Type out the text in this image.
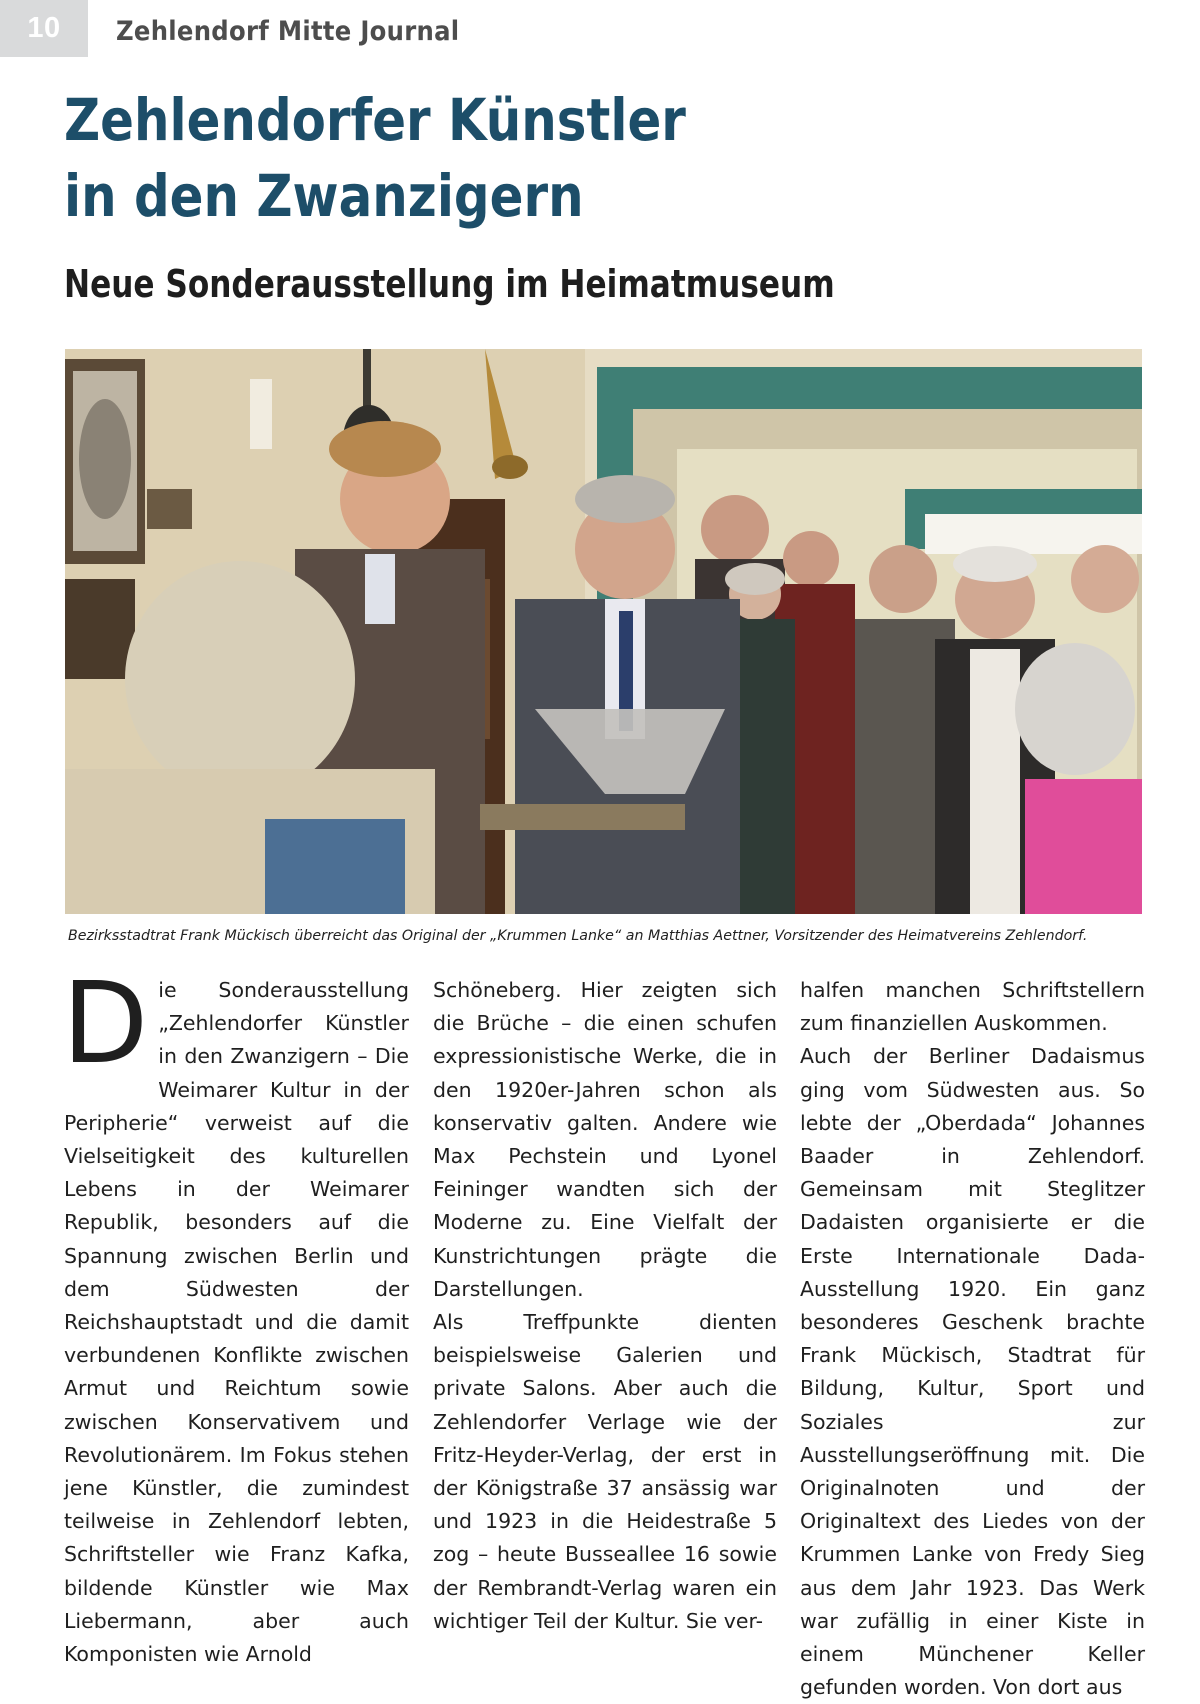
10	Zehlendorf Mitte Journal
Zehlendorfer Künstler
in den Zwanzigern
Neue Sonderausstellung im Heimatmuseum
Bezirksstadtrat Frank Mückisch überreicht das Original der „Krummen Lanke“ an Matthias Aettner, Vorsitzender des Heimatvereins Zehlendorf.
D ie Sonderausstellung „Zehlendorfer Künstler in den Zwanzigern – Die Weimarer Kultur in der Peripherie“ verweist auf die Vielseitigkeit des kulturellen Lebens in der Weimarer Republik, besonders auf die Spannung zwischen Berlin und dem Südwesten der Reichshauptstadt und die damit verbundenen Konflikte zwischen Armut und Reichtum sowie zwischen Konservativem und Revolutionärem. Im Fokus stehen jene Künstler, die zumindest teilweise in Zehlendorf lebten, Schriftsteller wie Franz Kafka, bildende Künstler wie Max Liebermann, aber auch Komponisten wie Arnold
Schöneberg. Hier zeigten sich die Brüche – die einen schufen expressionistische Werke, die in den 1920er-Jahren schon als konservativ galten. Andere wie Max Pechstein und Lyonel Feininger wandten sich der Moderne zu. Eine Vielfalt der Kunstrichtungen prägte die Darstellungen.
Als Treffpunkte dienten beispielsweise Galerien und private Salons. Aber auch die Zehlendorfer Verlage wie der Fritz-Heyder-Verlag, der erst in der Königstraße 37 ansässig war und 1923 in die Heidestraße 5 zog – heute Busseallee 16 sowie der Rembrandt-Verlag waren ein wichtiger Teil der Kultur. Sie ver-
halfen manchen Schriftstellern zum finanziellen Auskommen.
Auch der Berliner Dadaismus ging vom Südwesten aus. So lebte der „Oberdada“ Johannes Baader in Zehlendorf. Gemeinsam mit Steglitzer Dadaisten organisierte er die Erste Internationale Dada-Ausstellung 1920. Ein ganz besonderes Geschenk brachte Frank Mückisch, Stadtrat für Bildung, Kultur, Sport und Soziales zur Ausstellungseröffnung mit. Die Originalnoten und der Originaltext des Liedes von der Krummen Lanke von Fredy Sieg aus dem Jahr 1923. Das Werk war zufällig in einer Kiste in einem Münchener Keller gefunden worden. Von dort aus
